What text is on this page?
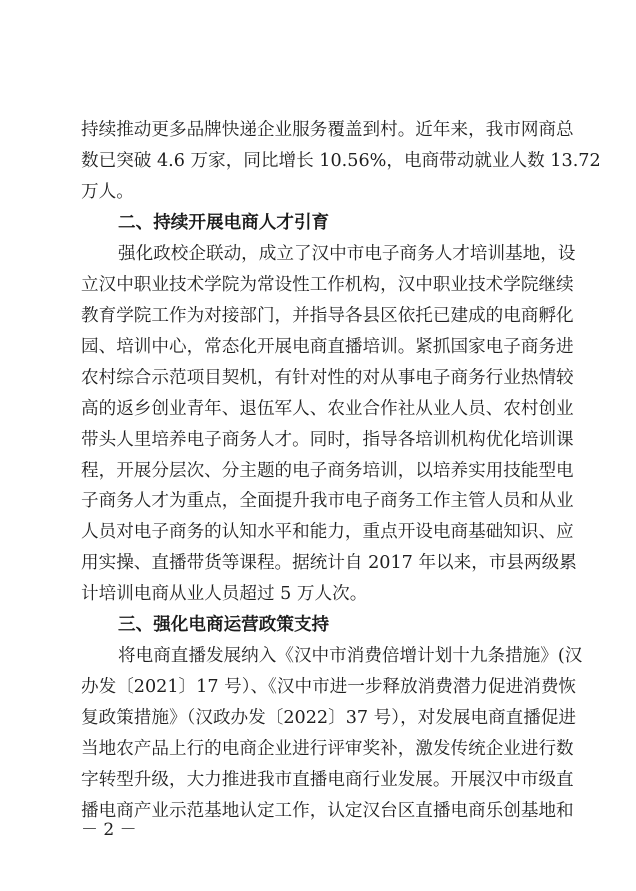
持续推动更多品牌快递企业服务覆盖到村。近年来，我市网商总
数已突破 4.6 万家，同比增长 10.56%，电商带动就业人数 13.72
万人。
二、持续开展电商人才引育
强化政校企联动，成立了汉中市电子商务人才培训基地，设
立汉中职业技术学院为常设性工作机构，汉中职业技术学院继续
教育学院工作为对接部门，并指导各县区依托已建成的电商孵化
园、培训中心，常态化开展电商直播培训。紧抓国家电子商务进
农村综合示范项目契机，有针对性的对从事电子商务行业热情较
高的返乡创业青年、退伍军人、农业合作社从业人员、农村创业
带头人里培养电子商务人才。同时，指导各培训机构优化培训课
程，开展分层次、分主题的电子商务培训，以培养实用技能型电
子商务人才为重点，全面提升我市电子商务工作主管人员和从业
人员对电子商务的认知水平和能力，重点开设电商基础知识、应
用实操、直播带货等课程。据统计自 2017 年以来，市县两级累
计培训电商从业人员超过 5 万人次。
三、强化电商运营政策支持
将电商直播发展纳入《汉中市消费倍增计划十九条措施》(汉
办发〔2021〕17 号）、《汉中市进一步释放消费潜力促进消费恢
复政策措施》（汉政办发〔2022〕37 号），对发展电商直播促进
当地农产品上行的电商企业进行评审奖补，激发传统企业进行数
字转型升级，大力推进我市直播电商行业发展。开展汉中市级直
播电商产业示范基地认定工作，认定汉台区直播电商乐创基地和
－ 2 －
